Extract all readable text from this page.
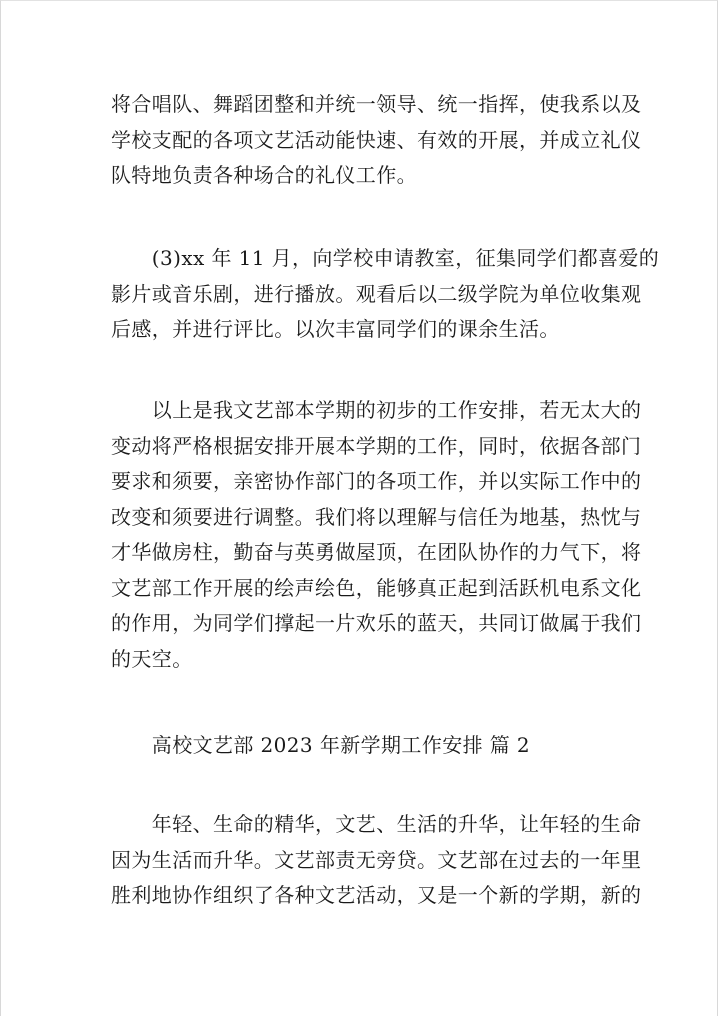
将合唱队、舞蹈团整和并统一领导、统一指挥，使我系以及
学校支配的各项文艺活动能快速、有效的开展，并成立礼仪
队特地负责各种场合的礼仪工作。

　　(3)xx 年 11 月，向学校申请教室，征集同学们都喜爱的
影片或音乐剧，进行播放。观看后以二级学院为单位收集观
后感，并进行评比。以次丰富同学们的课余生活。

　　以上是我文艺部本学期的初步的工作安排，若无太大的
变动将严格根据安排开展本学期的工作，同时，依据各部门
要求和须要，亲密协作部门的各项工作，并以实际工作中的
改变和须要进行调整。我们将以理解与信任为地基，热忱与
才华做房柱，勤奋与英勇做屋顶，在团队协作的力气下，将
文艺部工作开展的绘声绘色，能够真正起到活跃机电系文化
的作用，为同学们撑起一片欢乐的蓝天，共同订做属于我们
的天空。

　　高校文艺部 2023 年新学期工作安排 篇 2

　　年轻、生命的精华，文艺、生活的升华，让年轻的生命
因为生活而升华。文艺部责无旁贷。文艺部在过去的一年里
胜利地协作组织了各种文艺活动，又是一个新的学期，新的
